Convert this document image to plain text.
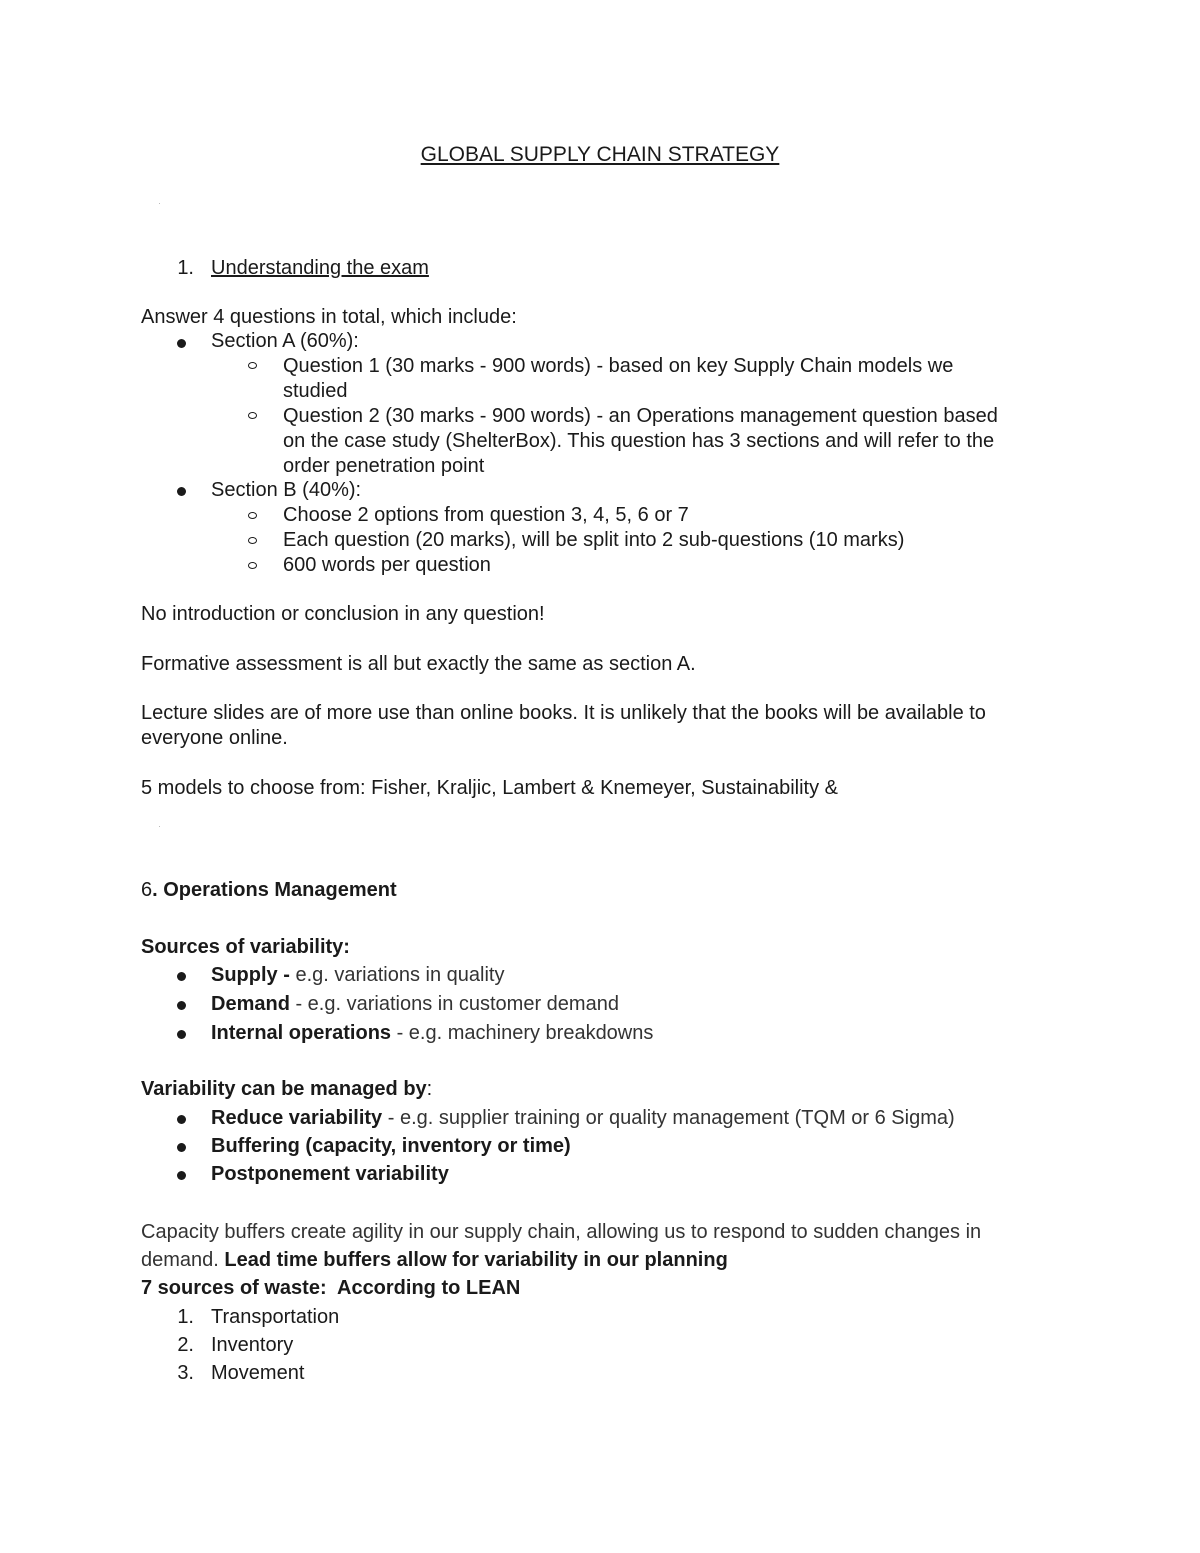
GLOBAL SUPPLY CHAIN STRATEGY
1. Understanding the exam
Answer 4 questions in total, which include:
Section A (60%):
Question 1 (30 marks - 900 words) - based on key Supply Chain models we
studied
Question 2 (30 marks - 900 words) - an Operations management question based
on the case study (ShelterBox). This question has 3 sections and will refer to the
order penetration point
Section B (40%):
Choose 2 options from question 3, 4, 5, 6 or 7
Each question (20 marks), will be split into 2 sub-questions (10 marks)
600 words per question
No introduction or conclusion in any question!
Formative assessment is all but exactly the same as section A.
Lecture slides are of more use than online books. It is unlikely that the books will be available to
everyone online.
5 models to choose from: Fisher, Kraljic, Lambert & Knemeyer, Sustainability &
6. Operations Management
Sources of variability:
Supply - e.g. variations in quality
Demand - e.g. variations in customer demand
Internal operations - e.g. machinery breakdowns
Variability can be managed by:
Reduce variability - e.g. supplier training or quality management (TQM or 6 Sigma)
Buffering (capacity, inventory or time)
Postponement variability
Capacity buffers create agility in our supply chain, allowing us to respond to sudden changes in
demand. Lead time buffers allow for variability in our planning
7 sources of waste:  According to LEAN
1. Transportation
2. Inventory
3. Movement
